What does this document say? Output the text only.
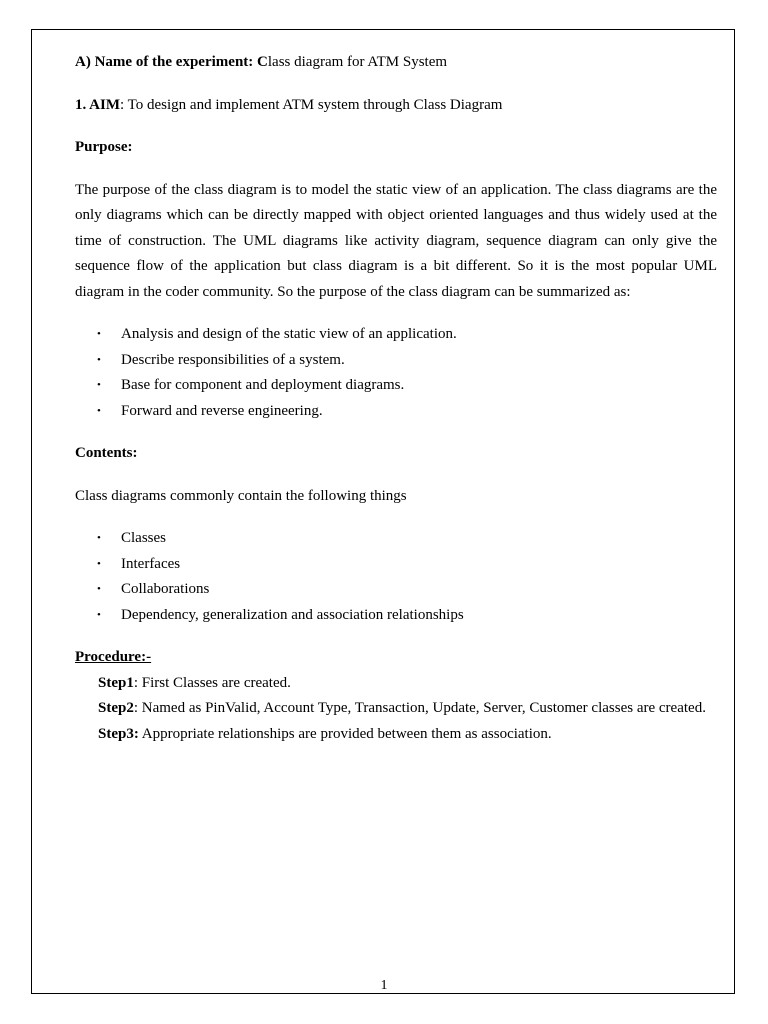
A) Name of the experiment: Class diagram for ATM System

1. AIM: To design and implement ATM system through Class Diagram

Purpose:

The purpose of the class diagram is to model the static view of an application. The class diagrams are the only diagrams which can be directly mapped with object oriented languages and thus widely used at the time of construction. The UML diagrams like activity diagram, sequence diagram can only give the sequence flow of the application but class diagram is a bit different. So it is the most popular UML diagram in the coder community. So the purpose of the class diagram can be summarized as:

• Analysis and design of the static view of an application.
• Describe responsibilities of a system.
• Base for component and deployment diagrams.
• Forward and reverse engineering.

Contents:

Class diagrams commonly contain the following things

• Classes
• Interfaces
• Collaborations
• Dependency, generalization and association relationships

Procedure:-

Step1: First Classes are created.

Step2: Named as PinValid, Account Type, Transaction, Update, Server, Customer classes are created.

Step3: Appropriate relationships are provided between them as association.

1
